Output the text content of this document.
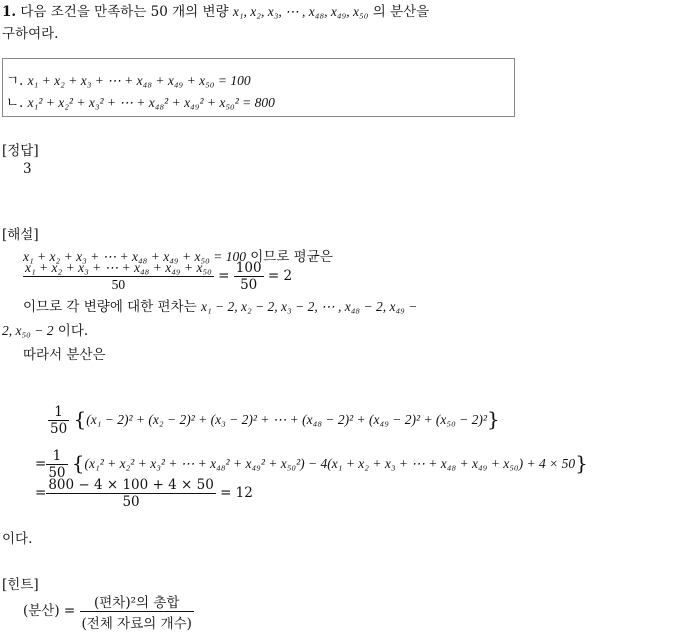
1. 다음 조건을 만족하는 50 개의 변량 x₁, x₂, x₃, ⋯ , x₄₈, x₄₉, x₅₀ 의 분산을
구하여라.
ㄱ. x₁ + x₂ + x₃ + ⋯ + x₄₈ + x₄₉ + x₅₀ = 100
ㄴ. x₁² + x₂² + x₃² + ⋯ + x₄₈² + x₄₉² + x₅₀² = 800
[정답]
3
[해설]
x₁ + x₂ + x₃ + ⋯ + x₄₈ + x₄₉ + x₅₀ = 100 이므로 평균은
$\frac{\text{x₁ + x₂ + x₃ + ⋯ + x₄₈ + x₄₉ + x₅₀}}{50} = \frac{100}{50} = 2$
이므로 각 변량에 대한 편차는 x₁ − 2, x₂ − 2, x₃ − 2, ⋯ , x₄₈ − 2, x₄₉ −
2, x₅₀ − 2 이다.
따라서 분산은
$\frac{1}{50} \{(x_1 - 2)^2 + (x_2 - 2)^2 + (x_3 - 2)^2$ + ⋯ + (x₄₈ − 2)² + (x₄₉ − 2)² + (x₅₀ − 2)²}
= $\frac{1}{50} \{(x_1^2 + x_2^2 + x_3^2$ + ⋯ + x₄₈² + x₄₉² + x₅₀²) − 4(x₁ + x₂ + x₃ + ⋯ + x₄₈ + x₄₉ + x₅₀) + 4 × 50}
= $\frac{800 - 4 \times 100 + 4 \times 50}{50} = 12$
이다.
[힌트]
(분산) = $\frac{\text{(편차)²의 총합}}{\text{(전체 자료의 개수)}}$
